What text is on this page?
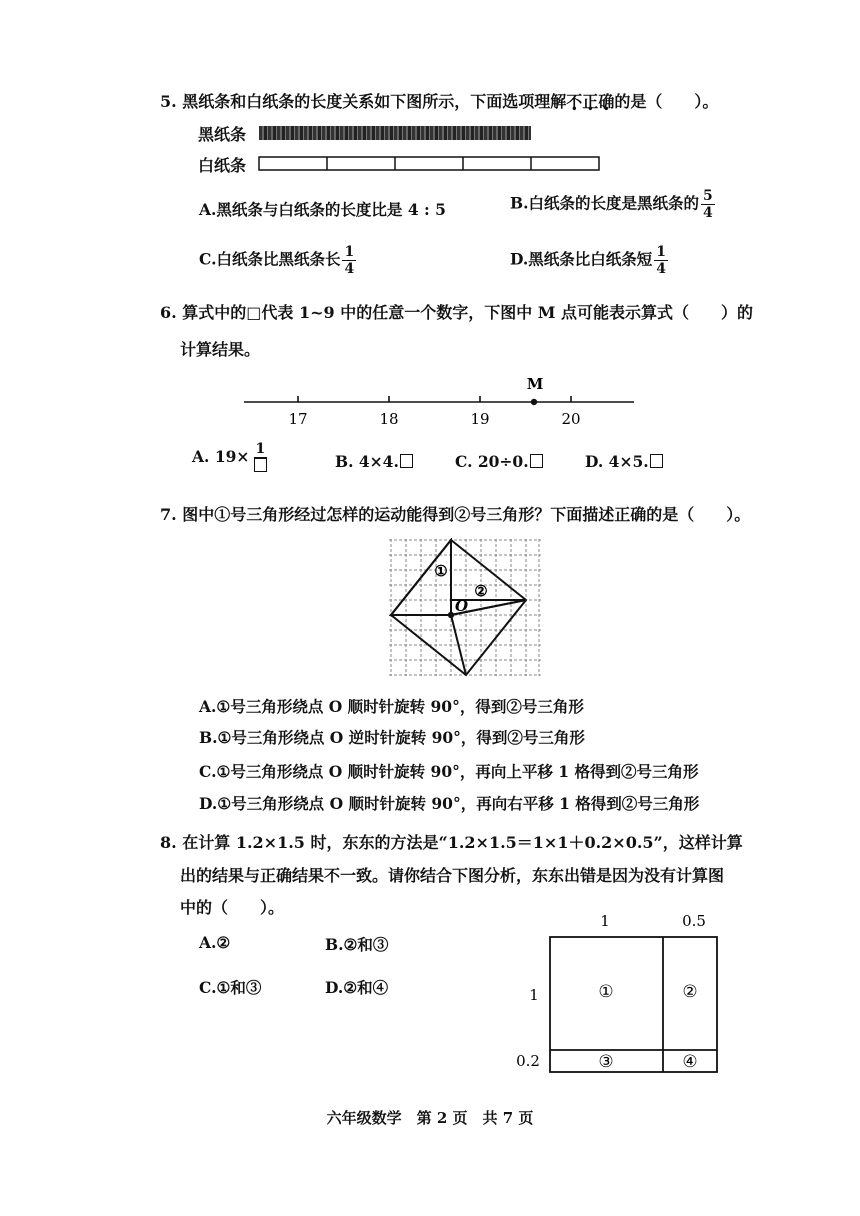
5. 黑纸条和白纸条的长度关系如下图所示，下面选项理解不正确的是（　　）。
黑纸条
白纸条
A.黑纸条与白纸条的长度比是 4 : 5	B.白纸条的长度是黑纸条的 $\frac{5}{4}$
C.白纸条比黑纸条长 $\frac{1}{4}$	D.黑纸条比白纸条短 $\frac{1}{4}$
6. 算式中的□代表 1~9 中的任意一个数字，下图中 M 点可能表示算式（　　）的
计算结果。
M
17	18	19	20
A. 19× 1
B. 4×4.	C. 20÷0.	D. 4×5.
7. 图中①号三角形经过怎样的运动能得到②号三角形？下面描述正确的是（　　）。
①
②
O
A.①号三角形绕点 O 顺时针旋转 90°，得到②号三角形
B.①号三角形绕点 O 逆时针旋转 90°，得到②号三角形
C.①号三角形绕点 O 顺时针旋转 90°，再向上平移 1 格得到②号三角形
D.①号三角形绕点 O 顺时针旋转 90°，再向右平移 1 格得到②号三角形
8. 在计算 1.2×1.5 时，东东的方法是“1.2×1.5＝1×1＋0.2×0.5”，这样计算
出的结果与正确结果不一致。请你结合下图分析，东东出错是因为没有计算图
中的（　　）。
A.②	B.②和③
C.①和③	D.②和④
1	0.5
1
0.2
①	②
③	④
六年级数学　第 2 页　共 7 页
